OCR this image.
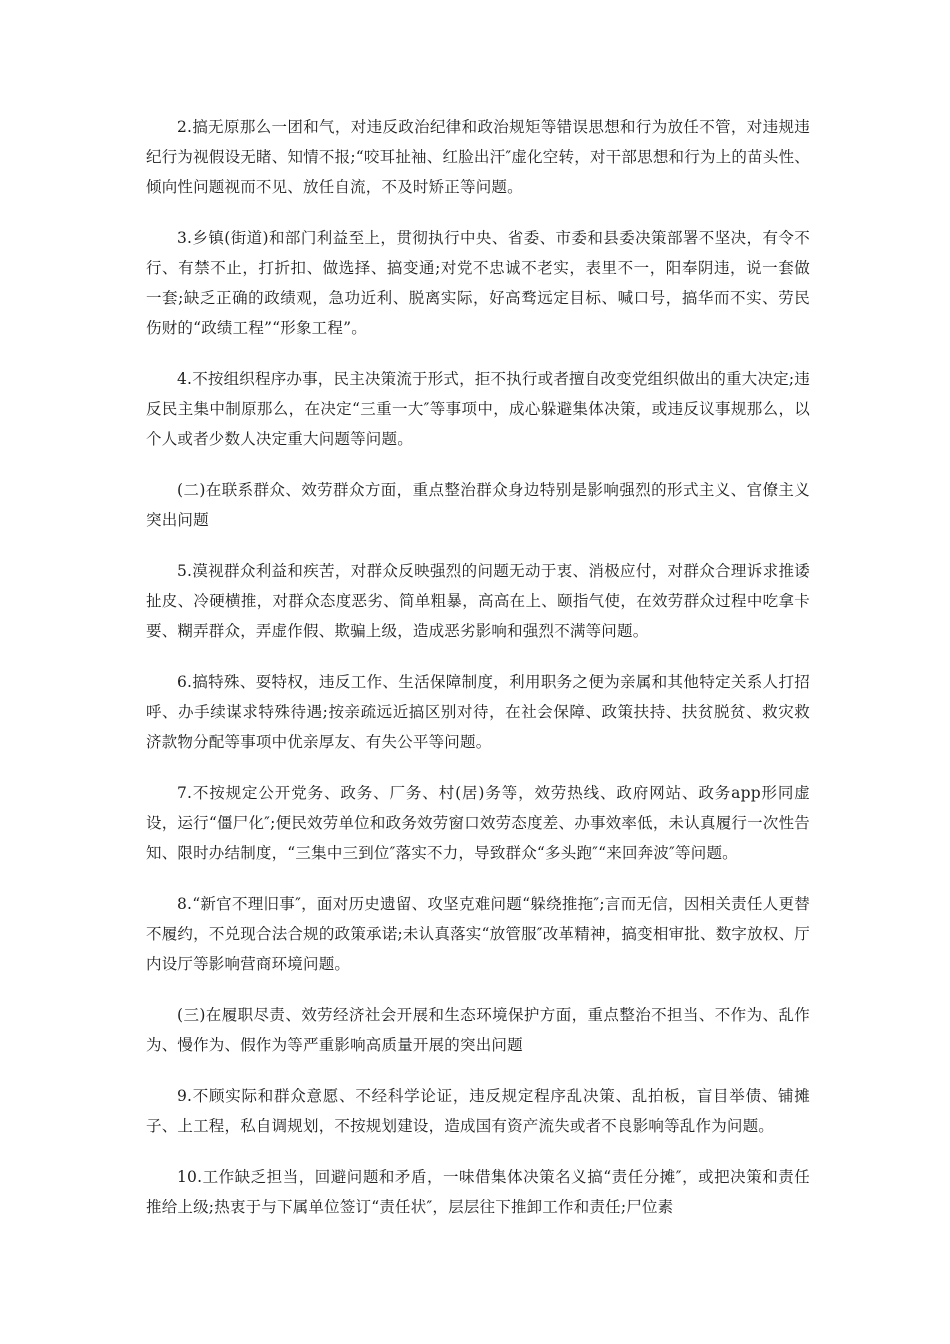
2.搞无原那么一团和气，对违反政治纪律和政治规矩等错误思想和行为放任不管，对违规违纪行为视假设无睹、知情不报;“咬耳扯袖、红脸出汗″虚化空转，对干部思想和行为上的苗头性、倾向性问题视而不见、放任自流，不及时矫正等问题。

3.乡镇(街道)和部门利益至上，贯彻执行中央、省委、市委和县委决策部署不坚决，有令不行、有禁不止，打折扣、做选择、搞变通;对党不忠诚不老实，表里不一，阳奉阴违，说一套做一套;缺乏正确的政绩观，急功近利、脱离实际，好高骛远定目标、喊口号，搞华而不实、劳民伤财的“政绩工程”“形象工程”。

4.不按组织程序办事，民主决策流于形式，拒不执行或者擅自改变党组织做出的重大决定;违反民主集中制原那么，在决定“三重一大″等事项中，成心躲避集体决策，或违反议事规那么，以个人或者少数人决定重大问题等问题。

(二)在联系群众、效劳群众方面，重点整治群众身边特别是影响强烈的形式主义、官僚主义突出问题

5.漠视群众利益和疾苦，对群众反映强烈的问题无动于衷、消极应付，对群众合理诉求推诿扯皮、冷硬横推，对群众态度恶劣、简单粗暴，高高在上、颐指气使，在效劳群众过程中吃拿卡要、糊弄群众，弄虚作假、欺骗上级，造成恶劣影响和强烈不满等问题。

6.搞特殊、耍特权，违反工作、生活保障制度，利用职务之便为亲属和其他特定关系人打招呼、办手续谋求特殊待遇;按亲疏远近搞区别对待，在社会保障、政策扶持、扶贫脱贫、救灾救济款物分配等事项中优亲厚友、有失公平等问题。

7.不按规定公开党务、政务、厂务、村(居)务等，效劳热线、政府网站、政务app形同虚设，运行“僵尸化″;便民效劳单位和政务效劳窗口效劳态度差、办事效率低，未认真履行一次性告知、限时办结制度，“三集中三到位″落实不力，导致群众“多头跑″“来回奔波″等问题。

8.“新官不理旧事″，面对历史遗留、攻坚克难问题“躲绕推拖″;言而无信，因相关责任人更替不履约，不兑现合法合规的政策承诺;未认真落实“放管服″改革精神，搞变相审批、数字放权、厅内设厅等影响营商环境问题。

(三)在履职尽责、效劳经济社会开展和生态环境保护方面，重点整治不担当、不作为、乱作为、慢作为、假作为等严重影响高质量开展的突出问题

9.不顾实际和群众意愿、不经科学论证，违反规定程序乱决策、乱拍板，盲目举债、铺摊子、上工程，私自调规划，不按规划建设，造成国有资产流失或者不良影响等乱作为问题。

10.工作缺乏担当，回避问题和矛盾，一味借集体决策名义搞“责任分摊″，或把决策和责任推给上级;热衷于与下属单位签订“责任状″，层层往下推卸工作和责任;尸位素
